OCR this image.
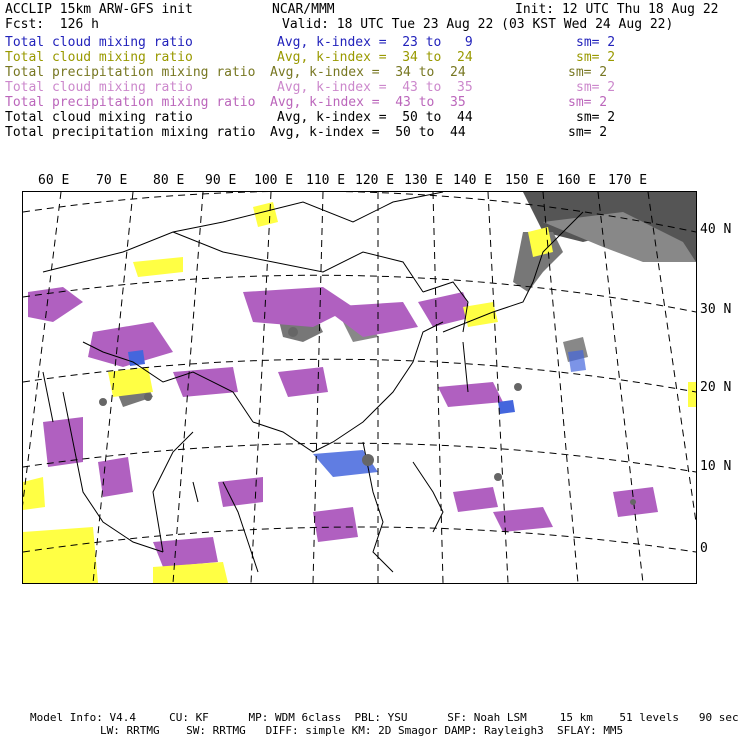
ACCLIP 15km ARW-GFS init	NCAR/MMM	Init: 12 UTC Thu 18 Aug 22
Fcst:  126 h	Valid: 18 UTC Tue 23 Aug 22 (03 KST Wed 24 Aug 22)
Total cloud mixing ratio	Avg, k-index =  23 to   9	sm= 2
Total cloud mixing ratio	Avg, k-index =  34 to  24	sm= 2
Total precipitation mixing ratio Avg, k-index =  34 to  24	sm= 2
Total cloud mixing ratio	Avg, k-index =  43 to  35	sm= 2
Total precipitation mixing ratio Avg, k-index =  43 to  35	sm= 2
Total cloud mixing ratio	Avg, k-index =  50 to  44	sm= 2
Total precipitation mixing ratio Avg, k-index =  50 to  44	sm= 2
60 E 70 E 80 E 90 E 100 E 110 E 120 E 130 E 140 E 150 E 160 E 170 E
40 N
30 N
20 N
10 N
0
Model Info: V4.4     CU: KF      MP: WDM 6class  PBL: YSU      SF: Noah LSM     15 km    51 levels   90 sec
LW: RRTMG    SW: RRTMG   DIFF: simple KM: 2D Smagor DAMP: Rayleigh3  SFLAY: MM5
